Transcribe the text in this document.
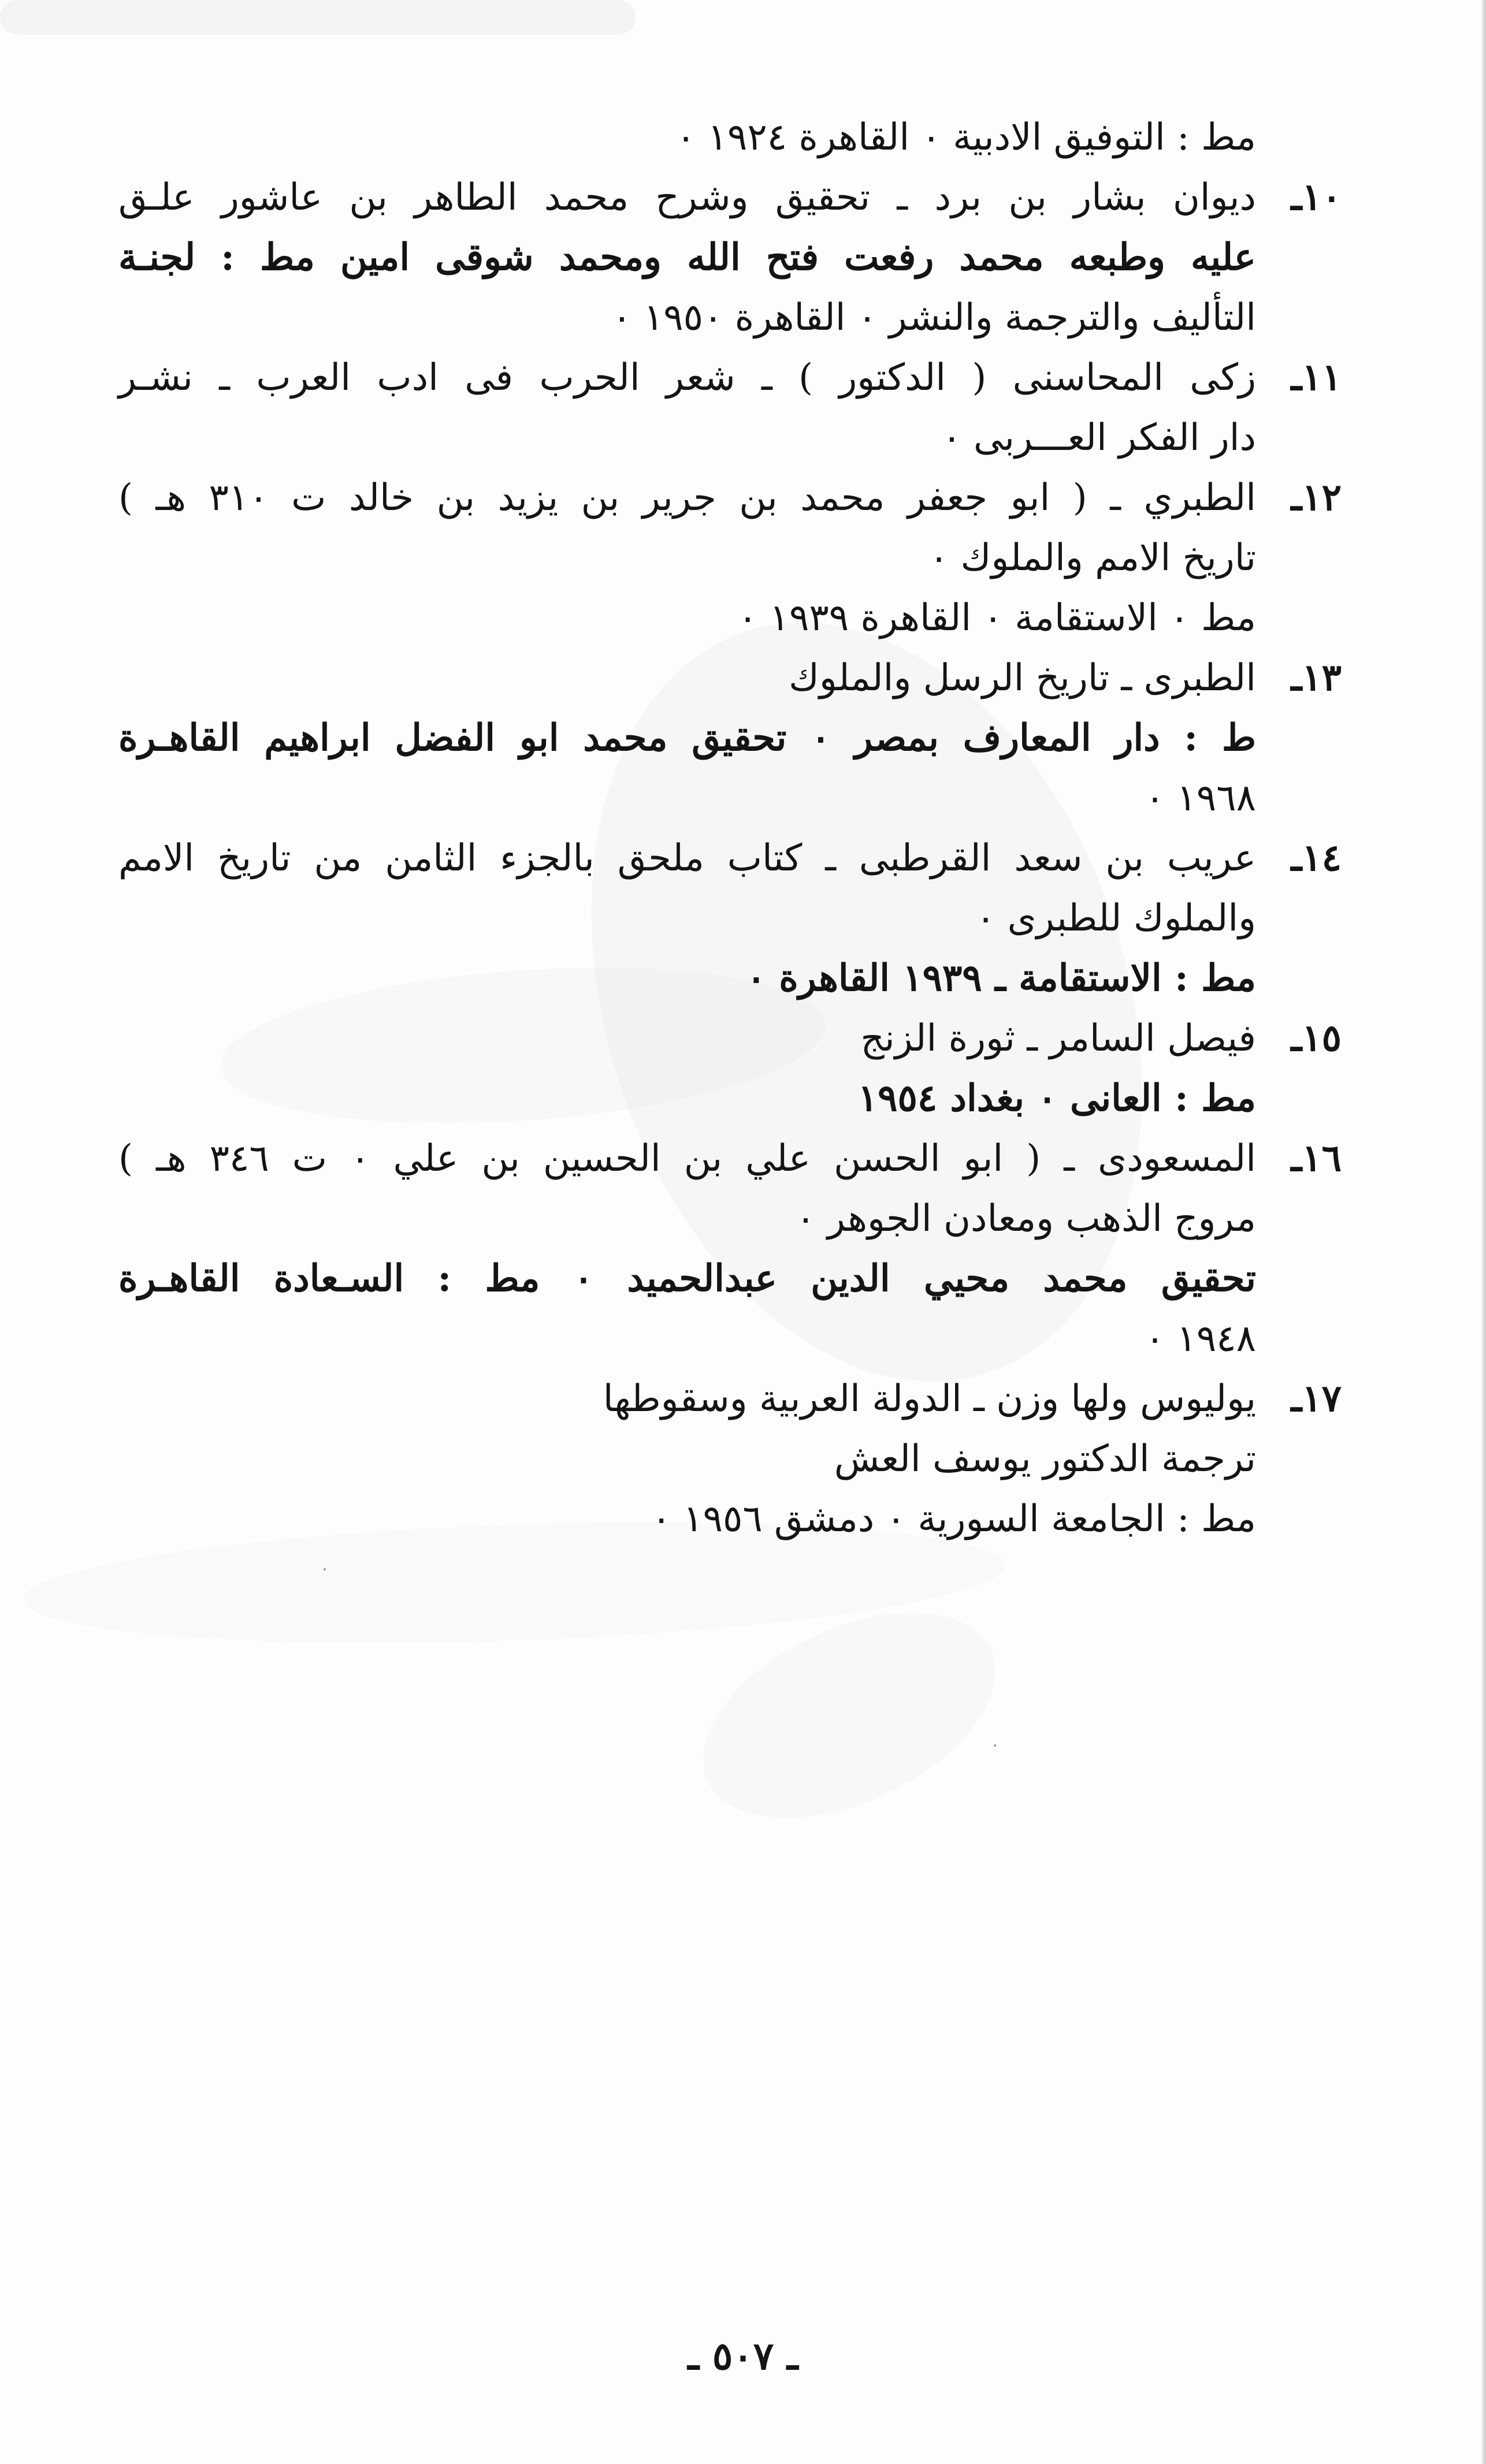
مط : التوفيق الادبية ٠ القاهرة ١٩٢٤ ٠
١٠ـ
ديوان بشار بن برد ـ تحقيق وشرح محمد الطاهر بن عاشور علـق
عليه وطبعه محمد رفعت فتح الله ومحمد شوقى امين مط : لجنـة
التأليف والترجمة والنشر ٠ القاهرة ١٩٥٠ ٠
١١ـ
زكى المحاسنى ( الدكتور ) ـ شعر الحرب فى ادب العرب ـ نشـر
دار الفكر العـــربى ٠
١٢ـ
الطبري ـ ( ابو جعفر محمد بن جرير بن يزيد بن خالد ت ٣١٠ هـ )
تاريخ الامم والملوك ٠
مط ٠ الاستقامة ٠ القاهرة ١٩٣٩ ٠
١٣ـ
الطبرى ـ تاريخ الرسل والملوك
ط : دار المعارف بمصر ٠ تحقيق محمد ابو الفضل ابراهيم القاهـرة
١٩٦٨ ٠
١٤ـ
عريب بن سعد القرطبى ـ كتاب ملحق بالجزء الثامن من تاريخ الامم
والملوك للطبرى ٠
مط : الاستقامة ـ ١٩٣٩ القاهرة ٠
١٥ـ
فيصل السامر ـ ثورة الزنج
مط : العانى ٠ بغداد ١٩٥٤
١٦ـ
المسعودى ـ ( ابو الحسن علي بن الحسين بن علي ٠ ت ٣٤٦ هـ )
مروج الذهب ومعادن الجوهر ٠
تحقيق محمد محيي الدين عبدالحميد ٠ مط : السـعادة القاهـرة
١٩٤٨ ٠
١٧ـ
يوليوس ولها وزن ـ الدولة العربية وسقوطها
ترجمة الدكتور يوسف العش
مط : الجامعة السورية ٠ دمشق ١٩٥٦ ٠
ـ ٥٠٧ ـ
